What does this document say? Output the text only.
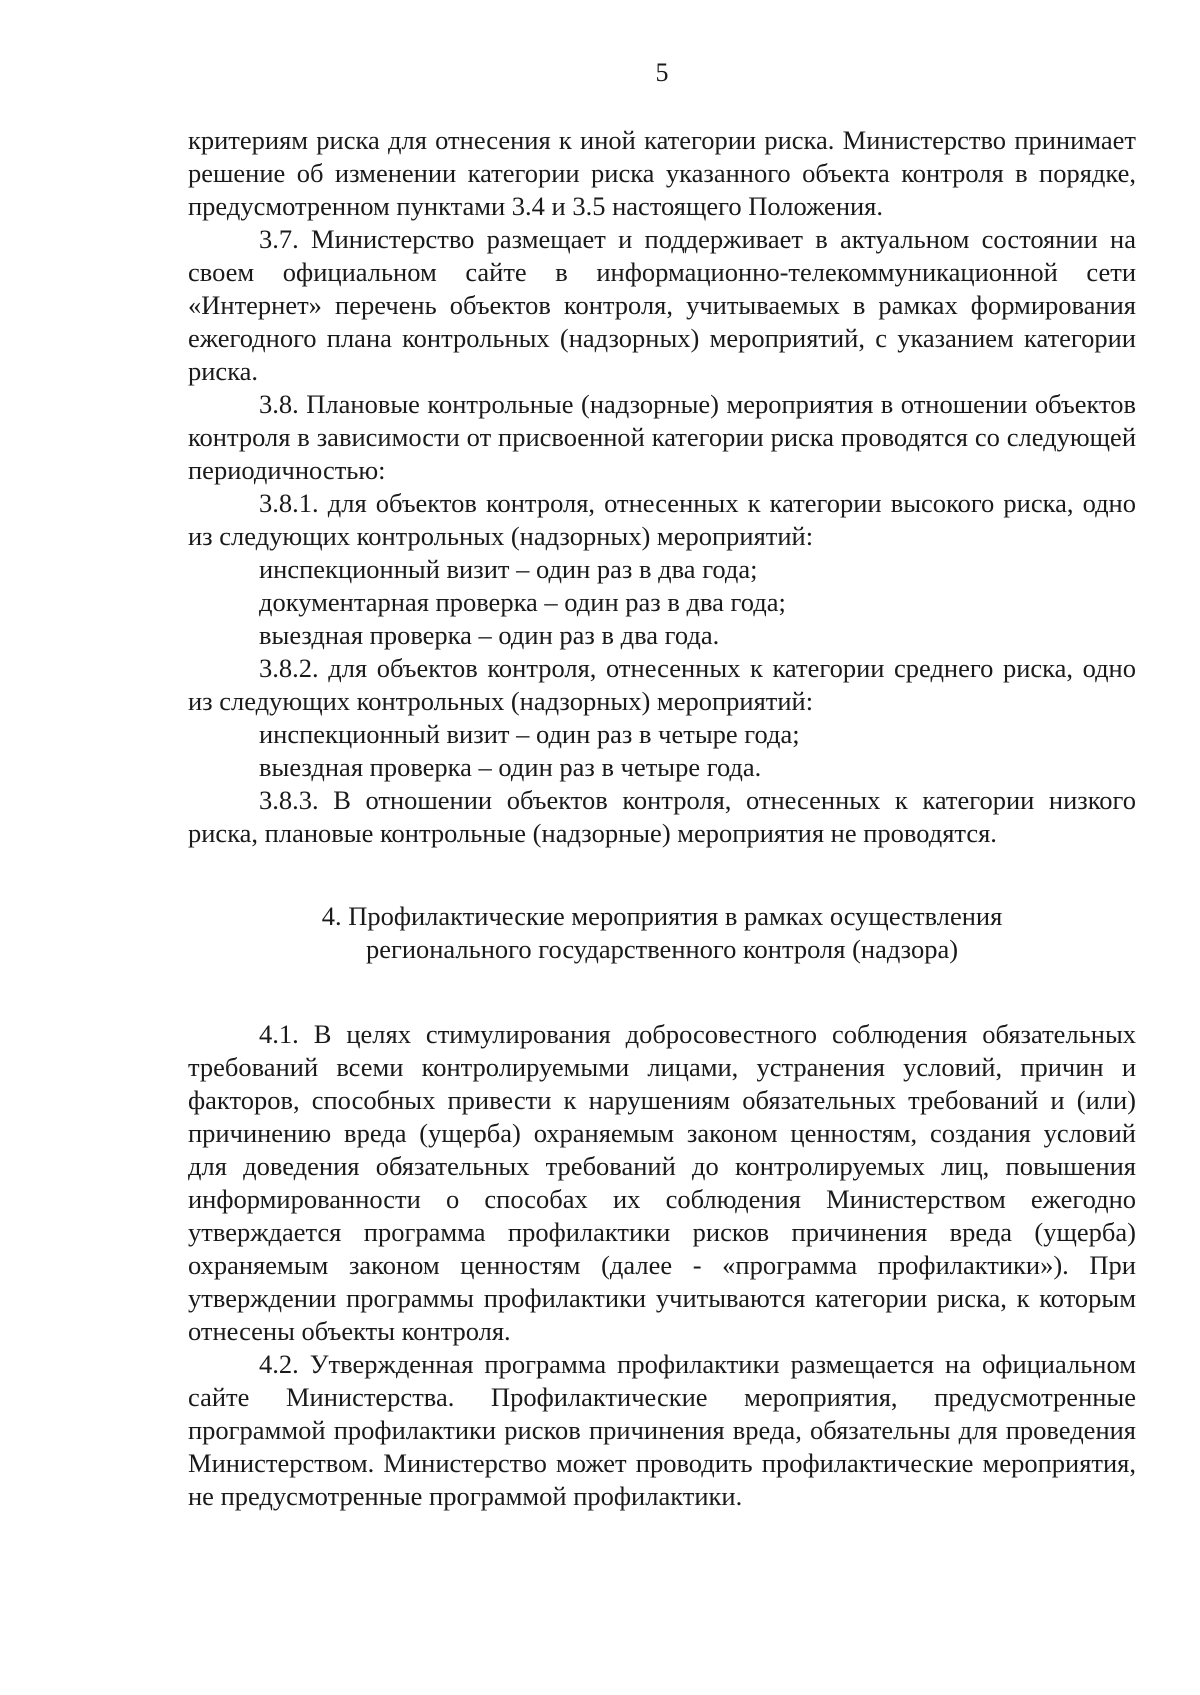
5

критериям риска для отнесения к иной категории риска. Министерство принимает решение об изменении категории риска указанного объекта контроля в порядке, предусмотренном пунктами 3.4 и 3.5 настоящего Положения.

3.7. Министерство размещает и поддерживает в актуальном состоянии на своем официальном сайте в информационно-телекоммуникационной сети «Интернет» перечень объектов контроля, учитываемых в рамках формирования ежегодного плана контрольных (надзорных) мероприятий, с указанием категории риска.

3.8. Плановые контрольные (надзорные) мероприятия в отношении объектов контроля в зависимости от присвоенной категории риска проводятся со следующей периодичностью:

3.8.1. для объектов контроля, отнесенных к категории высокого риска, одно из следующих контрольных (надзорных) мероприятий:

инспекционный визит – один раз в два года;

документарная проверка – один раз в два года;

выездная проверка – один раз в два года.

3.8.2. для объектов контроля, отнесенных к категории среднего риска, одно из следующих контрольных (надзорных) мероприятий:

инспекционный визит – один раз в четыре года;

выездная проверка – один раз в четыре года.

3.8.3. В отношении объектов контроля, отнесенных к категории низкого риска, плановые контрольные (надзорные) мероприятия не проводятся.

4. Профилактические мероприятия в рамках осуществления
регионального государственного контроля (надзора)

4.1. В целях стимулирования добросовестного соблюдения обязательных требований всеми контролируемыми лицами, устранения условий, причин и факторов, способных привести к нарушениям обязательных требований и (или) причинению вреда (ущерба) охраняемым законом ценностям, создания условий для доведения обязательных требований до контролируемых лиц, повышения информированности о способах их соблюдения Министерством ежегодно утверждается программа профилактики рисков причинения вреда (ущерба) охраняемым законом ценностям (далее - «программа профилактики»). При утверждении программы профилактики учитываются категории риска, к которым отнесены объекты контроля.

4.2. Утвержденная программа профилактики размещается на официальном сайте Министерства. Профилактические мероприятия, предусмотренные программой профилактики рисков причинения вреда, обязательны для проведения Министерством. Министерство может проводить профилактические мероприятия, не предусмотренные программой профилактики.
